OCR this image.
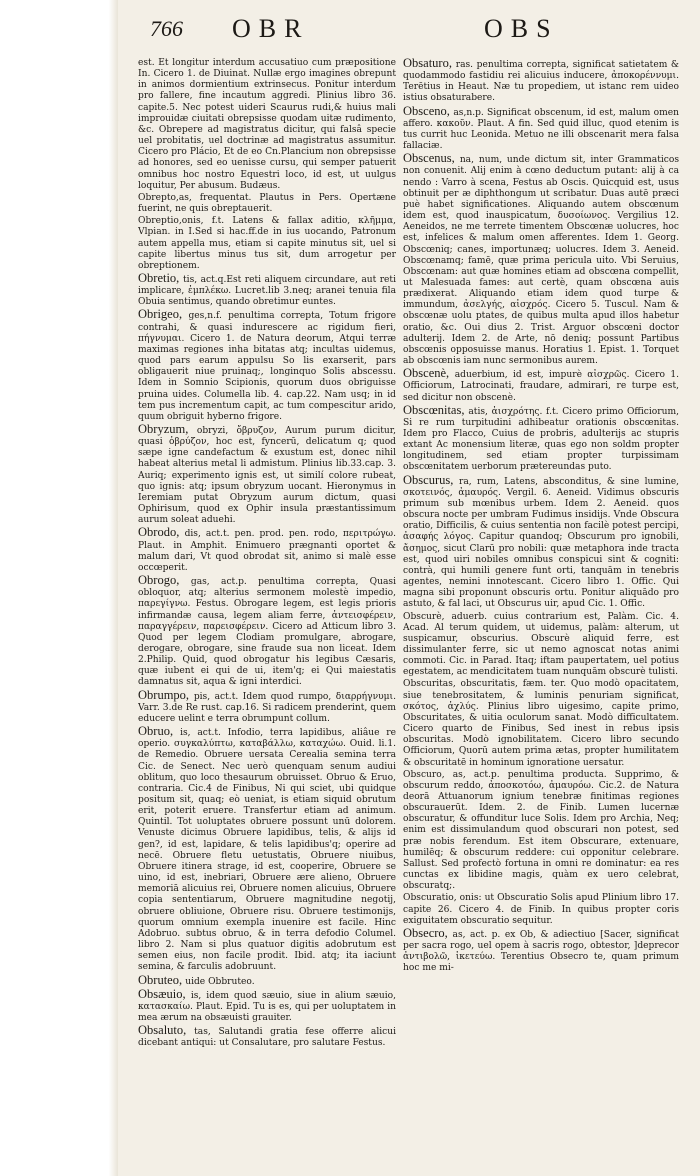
766 OBR	OBS

est. Et longitur interdum accusatiuo cum præpositione In. Cicero 1. de Diuinat. Nullæ ergo imagines obrepunt in animos dormientium extrinsecus. Ponitur interdum pro fallere, fine incautum aggredi. Plinius libro 36. capite.5. Nec potest uideri Scaurus rudi,& huius mali improuidæ ciuitati obrepsisse quodam uitæ rudimento, &c. Obrepere ad magistratus dicitur, qui falsâ specie uel probitatis, uel doctrinæ ad magistratus assumitur. Cicero pro Plácio, Et de eo Cn.Plancium non obrepsisse ad honores, sed eo uenisse cursu, qui semper patuerit omnibus hoc nostro Equestri loco, id est, ut uulgus loquitur, Per abusum. Budæus.

Obrepto,as, frequentat. Plautus in Pers. Opertæne fuerint, ne quis obreptauerit.

Obreptio,onis, f.t. Latens & fallax aditio, κλῆμμα, Vlpian. in I.Sed si hac.ff.de in ius uocando, Patronum autem appella mus, etiam si capite minutus sit, uel si capite libertus minus tus sit, dum arrogetur per obreptionem.

Obretio, tis, act.q.Est reti aliquem circundare, aut reti implicare, ἐμπλέκω. Lucret.lib 3.neq; aranei tenuia fila Obuia sentimus, quando obretimur euntes.

Obrigeo, ges,n.f. penultima correpta, Totum frigore contrahi, & quasi indurescere ac rigidum fieri, πήγνυμαι. Cicero 1. de Natura deorum, Atqui terræ maximas regiones inha bitatas atq; incultas uidemus, quod pars earum appulsu So lis exarserit, pars obligauerit niue pruinaq;, longinquo Solis abscessu. Idem in Somnio Scipionis, quorum duos obriguisse pruina uides. Columella lib. 4. cap.22. Nam usq; in id tem pus incrementum capit, ac tum compescitur arido, quum obriguit hyberno frigore.

Obryzum, obryzi, ὄβρυζον, Aurum purum dicitur, quasi ὀβρύζον, hoc est, fyncerū, delicatum q; quod sæpe igne candefactum & exustum est, donec nihil habeat alterius metal li admistum. Plinius lib.33.cap. 3. Auriq; experimento ignis est, ut similí colore rubeat, quo ignis: atq; ipsum obryzum uocant. Hieronymus in Ieremiam putat Obryzum aurum dictum, quasi Ophirisum, quod ex Ophir insula præstantissimum aurum soleat aduehi.

Obrodo, dis, act.t. pen. prod. pen. rodo, περιτρώγω. Plaut. in Amphit. Enimuero prægnanti oportet & malum dari, Vt quod obrodat sit, animo si malè esse occœperit.

Obrogo, gas, act.p. penultima correpta, Quasi obloquor, atq; alterius sermonem molestè impedio, παρεγίγνω. Festus. Obrogare legem, est legis prioris infirmandæ causa, legem aliam ferre, ἀντεισφέρειν, παραγγέρειν, παρεισφέρειν. Cicero ad Atticum libro 3. Quod per legem Clodiam promulgare, abrogare, derogare, obrogare, sine fraude sua non liceat. Idem 2.Philip. Quid, quod obrogatur his legibus Cæsaris, quæ iubent ei qui de ui, item'q; ei Qui maiestatis damnatus sit, aqua & igni interdici.

Obrumpo, pis, act.t. Idem quod rumpo, διαρρήγνυμι. Varr. 3.de Re rust. cap.16. Si radicem prenderint, quem educere uelint e terra obrumpunt collum.

Obruo, is, act.t. Infodio, terra lapidibus, aliâue re operio. συγκαλύπτω, καταβάλλω, καταχώω. Ouid. li.1. de Remedio. Obruere uersata Cerealia semina terra Cic. de Senect. Nec uerò quenquam senum audiui oblitum, quo loco thesaurum obruisset. Obruo & Eruo, contraria. Cic.4 de Finibus, Ni qui sciet, ubi quidque positum sit, quaq; eò ueniat, is etiam siquid obrutum erit, poterit eruere. Transfertur etiam ad animum. Quintil. Tot uoluptates obruere possunt unū dolorem. Venuste dicimus Obruere lapidibus, telis, & alijs id gen?, id est, lapidare, & telis lapidibus'q; operire ad necē. Obruere fletu uetustatis, Obruere niuibus, Obruere itinera strage, id est, cooperire, Obruere se uino, id est, inebriari, Obruere ære alieno, Obruere memoriā alicuius rei, Obruere nomen alicuius, Obruere copia sententiarum, Obruere magnitudine negotij, obruere obliuione, Obruere risu. Obruere testimonijs, quorum omnium exempla inuenire est facile. Hinc Adobruo. subtus obruo, & in terra defodio Columel. libro 2. Nam si plus quatuor digitis adobrutum est semen eius, non facile prodit. Ibid. atq; ita iaciunt semina, & farculis adobruunt.

Obruteo, uide Obbruteo.

Obsæuio, is, idem quod sæuio, siue in alium sæuio, κατασκαίω. Plaut. Epid. Tu is es, qui per uoluptatem in mea ærum na obsæuisti grauiter.

Obsaluto, tas, Salutandi gratia fese offerre alicui dicebant antiqui: ut Consalutare, pro salutare Festus.

Obsaturo, ras. penultima correpta, significat satietatem & quodammodo fastidiu rei alicuius inducere, ἀποκορέννυμι. Terētius in Heaut. Næ tu propediem, ut istanc rem uideo istius obsaturabere.

Obsceno, as,n.p. Significat obscenum, id est, malum omen affero. κακοῦν. Plaut. A fin. Sed quid illuc, quod etenim is tus currit huc Leonida. Metuo ne illi obscenarit mera falsa fallaciæ.

Obscenus, na, num, unde dictum sit, inter Grammaticos non conuenit. Alij enim à cœno deductum putant: alij à ca nendo : Varro à scena, Festus ab Oscis. Quicquid est, usus obtinuit per æ diphthongum ut scribatur. Duas autē præci puè habet significationes. Aliquando autem obscœnum idem est, quod inauspicatum, δυσοίωνος. Vergilius 12. Aeneidos, ne me terrete timentem Obscœnæ uolucres, hoc est, infelices & malum omen afferentes. Idem 1. Georg. Obscœniq; canes, importunæq; uolucres. Idem 3. Aeneid. Obscœnamq; famē, quæ prima pericula uito. Vbi Seruius, Obscœnam: aut quæ homines etiam ad obscœna compellit, ut Malesuada fames: aut certè, quam obscœna auis prædixerat. Aliquando etiam idem quod turpe & immundum, ἀσελγής, αἰσχρός. Cicero 5. Tuscul. Nam & obscœnæ uolu ptates, de quibus multa apud illos habetur oratio, &c. Oui dius 2. Trist. Arguor obscœni doctor adulterij. Idem 2. de Arte, nō deniq; possunt Partibus obscœnis opposuisse manus. Horatius 1. Epist. 1. Torquet ab obscœnis iam nunc sermonibus aurem.

Obscenè, aduerbium, id est, impurè αἰσχρῶς. Cicero 1. Officiorum, Latrocinati, fraudare, admirari, re turpe est, sed dicitur non obscenè.

Obscœnitas, atis, ἀισχρότης. f.t. Cicero primo Officiorum, Si re rum turpitudini adhibeatur orationis obscœnitas. Idem pro Flacco, Cuius de probris, adulterijs ac stupris extant Ac monensium literæ, quas ego non soldm propter longitudinem, sed etiam propter turpissimam obscœnitatem uerborum prætereundas puto.

Obscurus, ra, rum, Latens, absconditus, & sine lumine, σκοτεινός, ἀμαυρός. Vergil. 6. Aeneid. Vidimus obscuris primum sub mœnibus urbem. Idem 2. Aeneid. quos obscura nocte per umbram Fudimus insidijs. Vnde Obscura oratio, Difficilis, & cuius sententia non facilè potest percipi, ἀσαφής λόγος. Capitur quandoq; Obscurum pro ignobili, ἄσημος, sicut Clarū pro nobili: quæ metaphora inde tracta est, quod uiri nobiles omnibus conspicui sint & cogniti: contrà, qui humili genere funt orti, tanquām in tenebris agentes, nemini innotescant. Cicero libro 1. Offic. Qui magna sibi proponunt obscuris ortu. Ponitur aliquādo pro astuto, & fal laci, ut Obscurus uir, apud Cic. 1. Offic.

Obscurè, aduerb. cuius contrarium est, Palàm. Cic. 4. Acad. Al terum quidem, ut uidemus, palàm: alterum, ut suspicamur, obscurius. Obscurè aliquid ferre, est dissimulanter ferre, sic ut nemo agnoscat notas animi commoti. Cic. in Parad. Itaq; iftam paupertatem, uel potius egestatem, ac mendicitatem tuam nunquām obscurè tulisti.

Obscuritas, obscuritatis, fæm. ter. Quo modò opacitatem, siue tenebrositatem, & luminis penuriam significat, σκότος, ἀχλύς. Plinius libro uigesimo, capite primo, Obscuritates, & uitia oculorum sanat. Modò difficultatem. Cicero quarto de Finibus, Sed inest in rebus ipsis obscuritas. Modò ignobilitatem. Cicero libro secundo Officiorum, Quorū autem prima ætas, propter humilitatem & obscuritatē in hominum ignoratione uersatur.

Obscuro, as, act.p. penultima producta. Supprimo, & obscurum reddo, ἀποσκοτόω, ἀμαυρόω. Cic.2. de Natura deorā Attuanorum ignium tenebræ finitimas regiones obscurauerūt. Idem. 2. de Finib. Lumen lucernæ obscuratur, & offunditur luce Solis. Idem pro Archia, Neq; enim est dissimulandum quod obscurari non potest, sed præ nobis ferendum. Est item Obscurare, extenuare, humilēq; & obscurum reddere: cui opponitur celebrare. Sallust. Sed profectò fortuna in omni re dominatur: ea res cunctas ex libidine magis, quàm ex uero celebrat, obscuratq;.

Obscuratio, onis: ut Obscuratio Solis apud Plinium libro 17. capite 26. Cicero 4. de Finib. In quibus propter coris exiguitatem obscuratio sequitur.

Obsecro, as, act. p. ex Ob, & adiectiuo [Sacer, significat per sacra rogo, uel opem à sacris rogo, obtestor, ]deprecor ἀντιβολῶ, ἱκετεύω. Terentius Obsecro te, quam primum hoc me mi-
